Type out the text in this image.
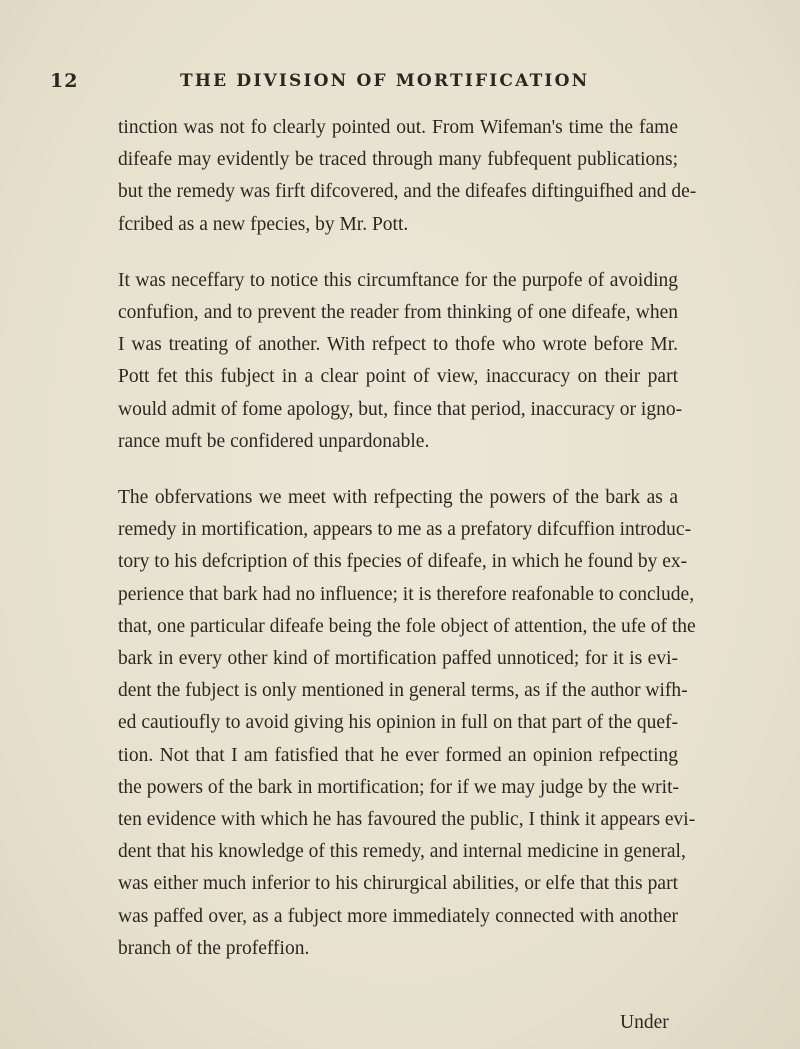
12	THE DIVISION OF MORTIFICATION
tinction was not fo clearly pointed out. From Wifeman's time the fame
difeafe may evidently be traced through many fubfequent publications;
but the remedy was firft difcovered, and the difeafes diftinguifhed and de-
fcribed as a new fpecies, by Mr. Pott.
It was neceffary to notice this circumftance for the purpofe of avoiding
confufion, and to prevent the reader from thinking of one difeafe, when
I was treating of another. With refpect to thofe who wrote before Mr.
Pott fet this fubject in a clear point of view, inaccuracy on their part
would admit of fome apology, but, fince that period, inaccuracy or igno-
rance muft be confidered unpardonable.
The obfervations we meet with refpecting the powers of the bark as a
remedy in mortification, appears to me as a prefatory difcuffion introduc-
tory to his defcription of this fpecies of difeafe, in which he found by ex-
perience that bark had no influence; it is therefore reafonable to conclude,
that, one particular difeafe being the fole object of attention, the ufe of the
bark in every other kind of mortification paffed unnoticed; for it is evi-
dent the fubject is only mentioned in general terms, as if the author wifh-
ed cautioufly to avoid giving his opinion in full on that part of the quef-
tion. Not that I am fatisfied that he ever formed an opinion refpecting
the powers of the bark in mortification; for if we may judge by the writ-
ten evidence with which he has favoured the public, I think it appears evi-
dent that his knowledge of this remedy, and internal medicine in general,
was either much inferior to his chirurgical abilities, or elfe that this part
was paffed over, as a fubject more immediately connected with another
branch of the profeffion.
Under
